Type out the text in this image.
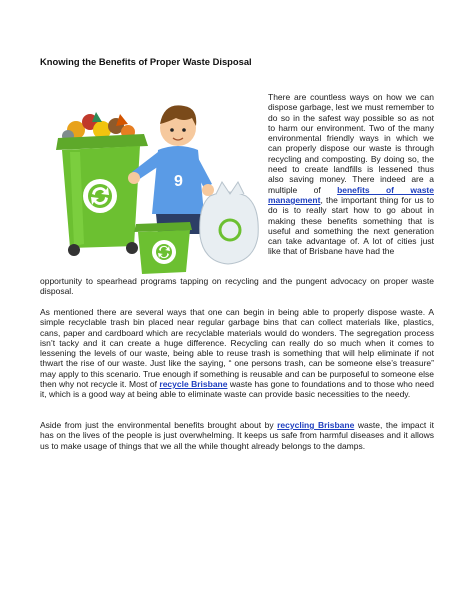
Knowing the Benefits of Proper Waste Disposal
9

There are countless ways on how we can dispose garbage, lest we must remember to do so in the safest way possible so as not to harm our environment. Two of the many environmental friendly ways in which we can properly dispose our waste is through recycling and composting. By doing so, the need to create landfills is lessened thus also saving money. There indeed are a multiple of benefits of waste management, the important thing for us to do is to really start how to go about in making these benefits something that is useful and something the next generation can take advantage of. A lot of cities just like that of Brisbane have had the

opportunity to spearhead programs tapping on recycling and the pungent advocacy on proper waste disposal.

As mentioned there are several ways that one can begin in being able to properly dispose waste. A simple recyclable trash bin placed near regular garbage bins that can collect materials like, plastics, cans, paper and cardboard which are recyclable materials would do wonders. The segregation process isn’t tacky and it can create a huge difference. Recycling can really do so much when it comes to lessening the levels of our waste, being able to reuse trash is something that will help eliminate if not thwart the rise of our waste. Just like the saying, “ one persons trash, can be someone else’s treasure” may apply to this scenario. True enough if something is reusable and can be purposeful to someone else then why not recycle it. Most of recycle Brisbane waste has gone to foundations and to those who need it, which is a good way at being able to eliminate waste can provide basic necessities to the needy.

Aside from just the environmental benefits brought about by recycling Brisbane waste, the impact it has on the lives of the people is just overwhelming. It keeps us safe from harmful diseases and it allows us to make usage of things that we all the while thought already belongs to the damps.
